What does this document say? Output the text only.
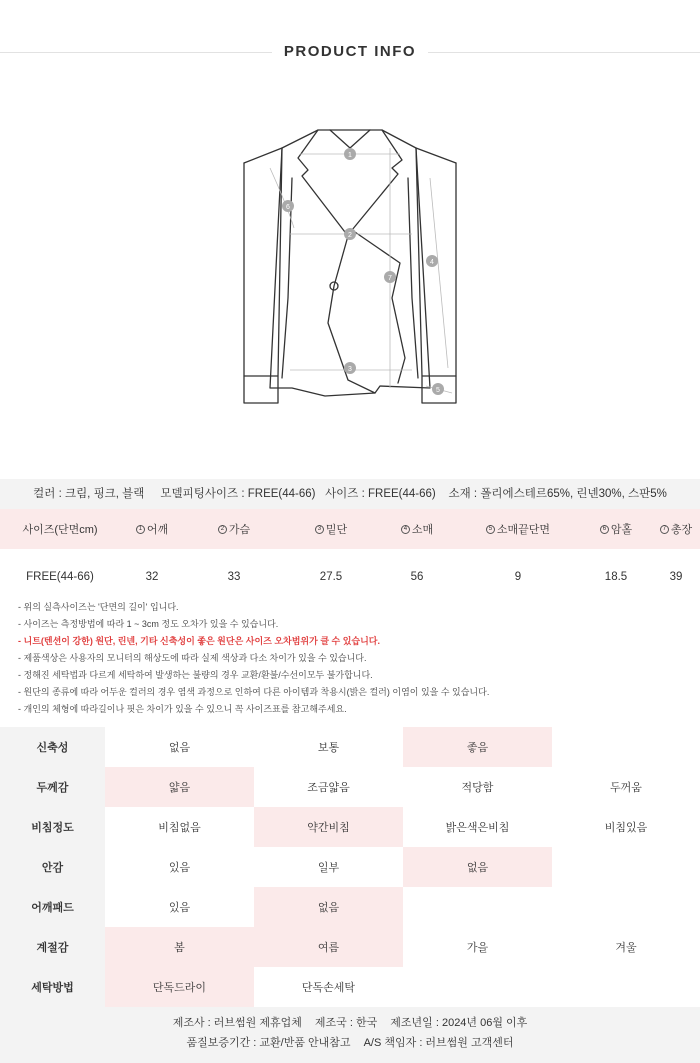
PRODUCT INFO
1
2
3
4
5
6
7
컬러 : 크림, 핑크, 블랙 모델피팅사이즈 : FREE(44-66) 사이즈 : FREE(44-66) 소재 : 폴리에스테르65%, 린넨30%, 스판5%
사이즈(단면cm)	1 어깨	2 가슴	3 밑단	4 소매	5 소매끝단면	6 암홀	7 총장
FREE(44-66)	32	33	27.5	56	9	18.5	39
- 위의 실측사이즈는 '단면의 길이' 입니다.
- 사이즈는 측정방법에 따라 1 ~ 3cm 정도 오차가 있을 수 있습니다.
- 니트(텐션이 강한) 원단, 린넨, 기타 신축성이 좋은 원단은 사이즈 오차범위가 클 수 있습니다.
- 제품색상은 사용자의 모니터의 해상도에 따라 실제 색상과 다소 차이가 있을 수 있습니다.
- 정해진 세탁법과 다르게 세탁하여 발생하는 불량의 경우 교환/환불/수선이모두 불가합니다.
- 원단의 종류에 따라 어두운 컬러의 경우 염색 과정으로 인하여 다른 아이템과 착용시(밝은 컬러) 이염이 있을 수 있습니다.
- 개인의 체형에 따라길이나 핏은 차이가 있을 수 있으니 꼭 사이즈표를 참고해주세요.
신축성	없음	보통	좋음
두께감	얇음	조금얇음	적당함	두꺼움
비침정도	비침없음	약간비침	밝은색은비침	비침있음
안감	있음	일부	없음
어깨패드	있음	없음
계절감	봄	여름	가을	겨울
세탁방법	단독드라이	단독손세탁
제조사 : 러브썸원 제휴업체 제조국 : 한국 제조년일 : 2024년 06월 이후
품질보증기간 : 교환/반품 안내참고 A/S 책임자 : 러브썸원 고객센터
